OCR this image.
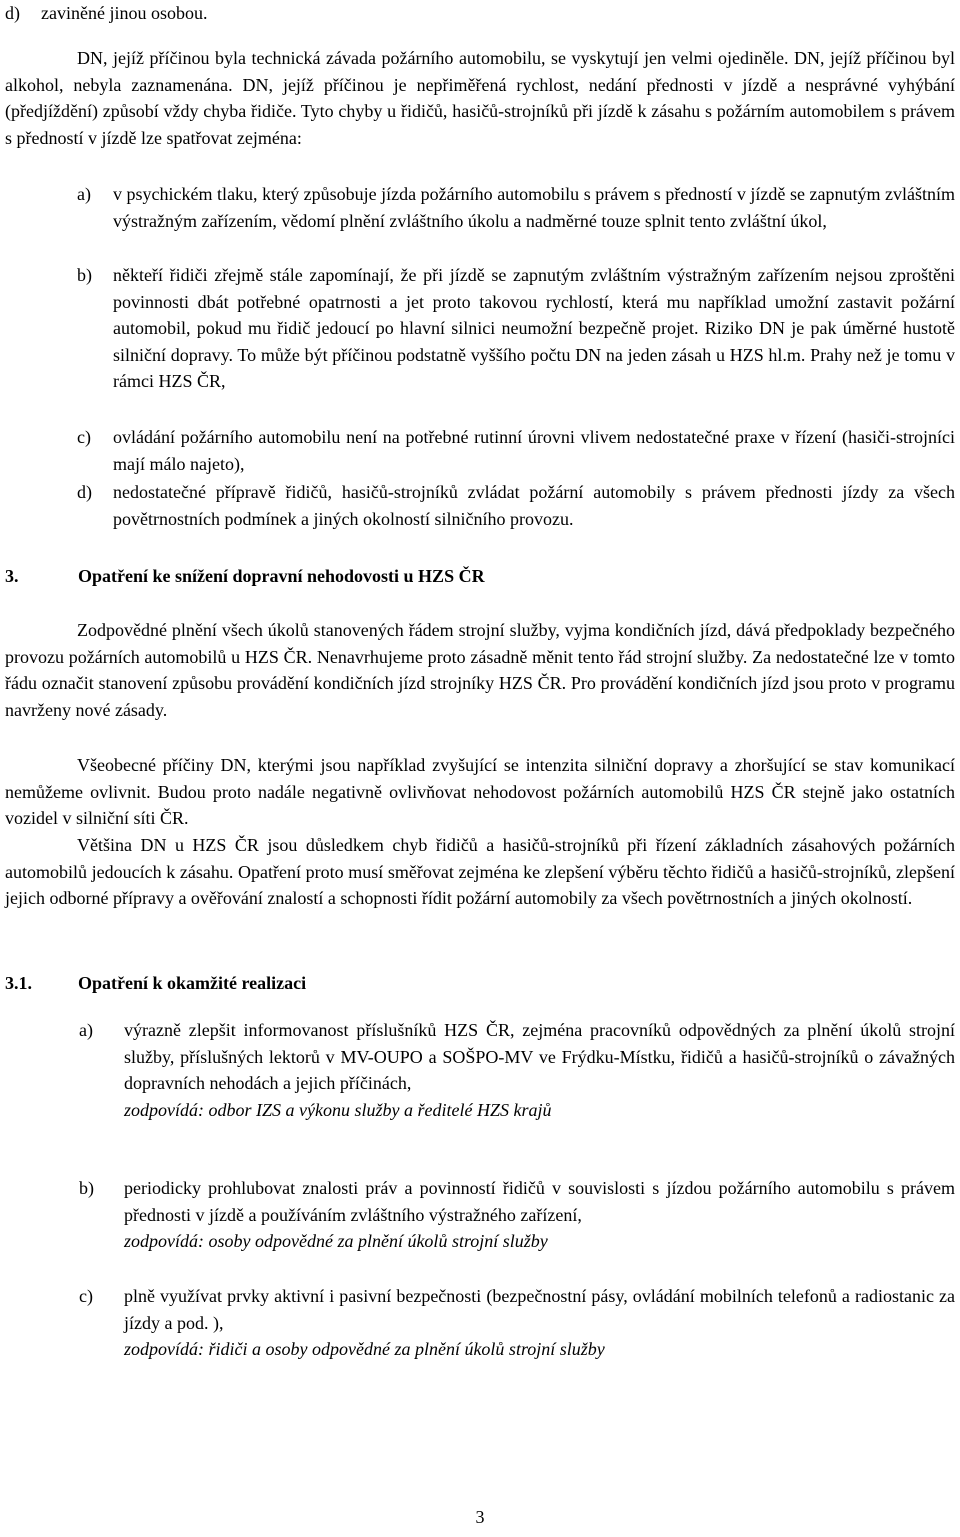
d)	zaviněné jinou osobou.

DN, jejíž příčinou byla technická závada požárního automobilu, se vyskytují jen velmi ojediněle. DN, jejíž příčinou byl alkohol, nebyla zaznamenána. DN, jejíž příčinou je nepřiměřená rychlost, nedání přednosti v jízdě a nesprávné vyhýbání (předjíždění) způsobí vždy chyba řidiče. Tyto chyby u řidičů, hasičů-strojníků při jízdě k zásahu s požárním automobilem s právem s předností v jízdě lze spatřovat zejména:

a)	v psychickém tlaku, který způsobuje jízda požárního automobilu s právem s předností v jízdě se zapnutým zvláštním výstražným zařízením, vědomí plnění zvláštního úkolu a nadměrné touze splnit tento zvláštní úkol,
b)	někteří řidiči zřejmě stále zapomínají, že při jízdě se zapnutým zvláštním výstražným zařízením nejsou zproštěni povinnosti dbát potřebné opatrnosti a jet proto takovou rychlostí, která mu například umožní zastavit požární automobil, pokud mu řidič jedoucí po hlavní silnici neumožní bezpečně projet. Riziko DN je pak úměrné hustotě silniční dopravy. To může být příčinou podstatně vyššího počtu DN na jeden zásah u HZS hl.m. Prahy než je tomu v rámci HZS ČR,
c)	ovládání požárního automobilu není na potřebné rutinní úrovni vlivem nedostatečné praxe v řízení (hasiči-strojníci mají málo najeto),
d)	nedostatečné přípravě řidičů, hasičů-strojníků zvládat požární automobily s právem přednosti jízdy za všech povětrnostních podmínek a jiných okolností silničního provozu.
3.	Opatření ke snížení dopravní nehodovosti u HZS ČR

Zodpovědné plnění všech úkolů stanovených řádem strojní služby, vyjma kondičních jízd, dává předpoklady bezpečného provozu požárních automobilů u HZS ČR. Nenavrhujeme proto zásadně měnit tento řád strojní služby. Za nedostatečné lze v tomto řádu označit stanovení způsobu provádění kondičních jízd strojníky HZS ČR. Pro provádění kondičních jízd jsou proto v programu navrženy nové zásady.

Všeobecné příčiny DN, kterými jsou například zvyšující se intenzita silniční dopravy a zhoršující se stav komunikací nemůžeme ovlivnit. Budou proto nadále negativně ovlivňovat nehodovost požárních automobilů HZS ČR stejně jako ostatních vozidel v silniční síti ČR.

Většina DN u HZS ČR jsou důsledkem chyb řidičů a hasičů-strojníků při řízení základních zásahových požárních automobilů jedoucích k zásahu. Opatření proto musí směřovat zejména ke zlepšení výběru těchto řidičů a hasičů-strojníků, zlepšení jejich odborné přípravy a ověřování znalostí a schopnosti řídit požární automobily za všech povětrnostních a jiných okolností.

3.1.	Opatření k okamžité realizaci
a)	výrazně zlepšit informovanost příslušníků HZS ČR, zejména pracovníků odpovědných za plnění úkolů strojní služby, příslušných lektorů v MV-OUPO a SOŠPO-MV ve Frýdku-Místku, řidičů a hasičů-strojníků o závažných dopravních nehodách a jejich příčinách,
zodpovídá: odbor IZS a výkonu služby a ředitelé HZS krajů
b)	periodicky prohlubovat znalosti práv a povinností řidičů v souvislosti s jízdou požárního automobilu s právem přednosti v jízdě a používáním zvláštního výstražného zařízení,
zodpovídá: osoby odpovědné za plnění úkolů strojní služby
c)	plně využívat prvky aktivní i pasivní bezpečnosti (bezpečnostní pásy, ovládání mobilních telefonů a radiostanic za jízdy a pod. ),
zodpovídá: řidiči a osoby odpovědné za plnění úkolů strojní služby
3
